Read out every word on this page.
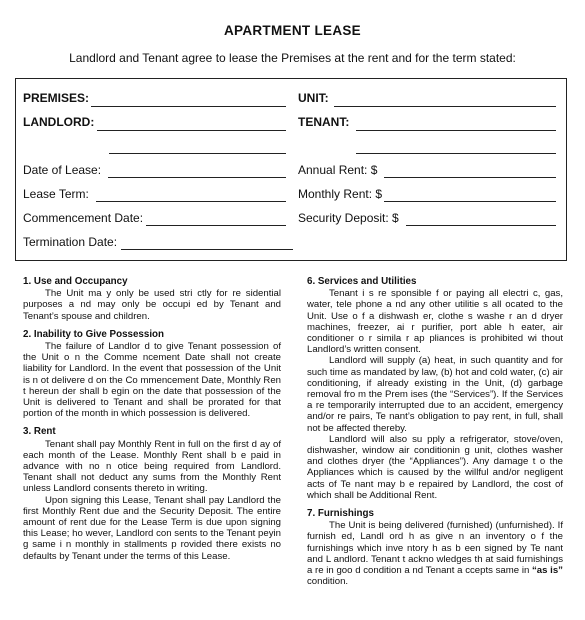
APARTMENT LEASE
Landlord and Tenant agree to lease the Premises at the rent and for the term stated:
PREMISES:	UNIT:
LANDLORD:	TENANT:
Date of Lease:	Annual Rent: $
Lease Term:	Monthly Rent: $
Commencement Date:	Security Deposit: $
Termination Date:
1. Use and Occupancy

The Unit ma y only be used stri ctly for re sidential purposes a nd may only be occupi ed by Tenant and Tenant’s spouse and children.

2. Inability to Give Possession

The failure of Landlor d to give Tenant possession of the Unit o n the Comme ncement Date shall not create liability for Landlord. In the event that possession of the Unit is n ot delivere d on the Co mmencement Date, Monthly Ren t hereun der shall b egin on the date that possession of the Unit is delivered to Tenant and shall be prorated for that portion of the month in which possession is delivered.

3. Rent

Tenant shall pay Monthly Rent in full on the first d ay of each month of the Lease. Monthly Rent shall b e paid in advance with no n otice being required from Landlord. Tenant shall not deduct any sums from the Monthly Rent unless Landlord consents thereto in writing.

Upon signing this Lease, Tenant shall pay Landlord the first Monthly Rent due and the Security Deposit. The entire amount of rent due for the Lease Term is due upon signing this Lease; ho wever, Landlord con sents to the Tenant peyin g same i n monthly in stallments p rovided there exists no defaults by Tenant under the terms of this Lease.

6. Services and Utilities

Tenant i s re sponsible f or paying all electri c, gas, water, tele phone a nd any other utilitie s all ocated to the Unit. Use o f a dishwash er, clothe s washe r an d dryer machines, freezer, ai r purifier, port able h eater, air conditioner o r simila r ap pliances is prohibited wi thout Landlord’s written consent.

Landlord will supply (a) heat, in such quantity and for such time as mandated by law, (b) hot and cold water, (c) air conditioning, if already existing in the Unit, (d) garbage removal fro m the Prem ises (the “Services”). If the Services a re temporarily interrupted due to an accident, emergency and/or re pairs, Te nant’s obligation to pay rent, in full, shall not be affected thereby.

Landlord will also su pply a refrigerator, stove/oven, dishwasher, window air conditionin g unit, clothes washer and clothes dryer (the “Appliances”). Any damage t o the Appliances which is caused by the willful and/or negligent acts of Te nant may b e repaired by Landlord, the cost of which shall be Additional Rent.

7. Furnishings

The Unit is being delivered (furnished) (unfurnished). If furnish ed, Landl ord h as give n an inventory o f the furnishings which inve ntory h as b een signed by Te nant and L andlord. Tenant t ackno wledges th at said furnishings a re in goo d condition a nd Tenant a ccepts same in “as is” condition.
